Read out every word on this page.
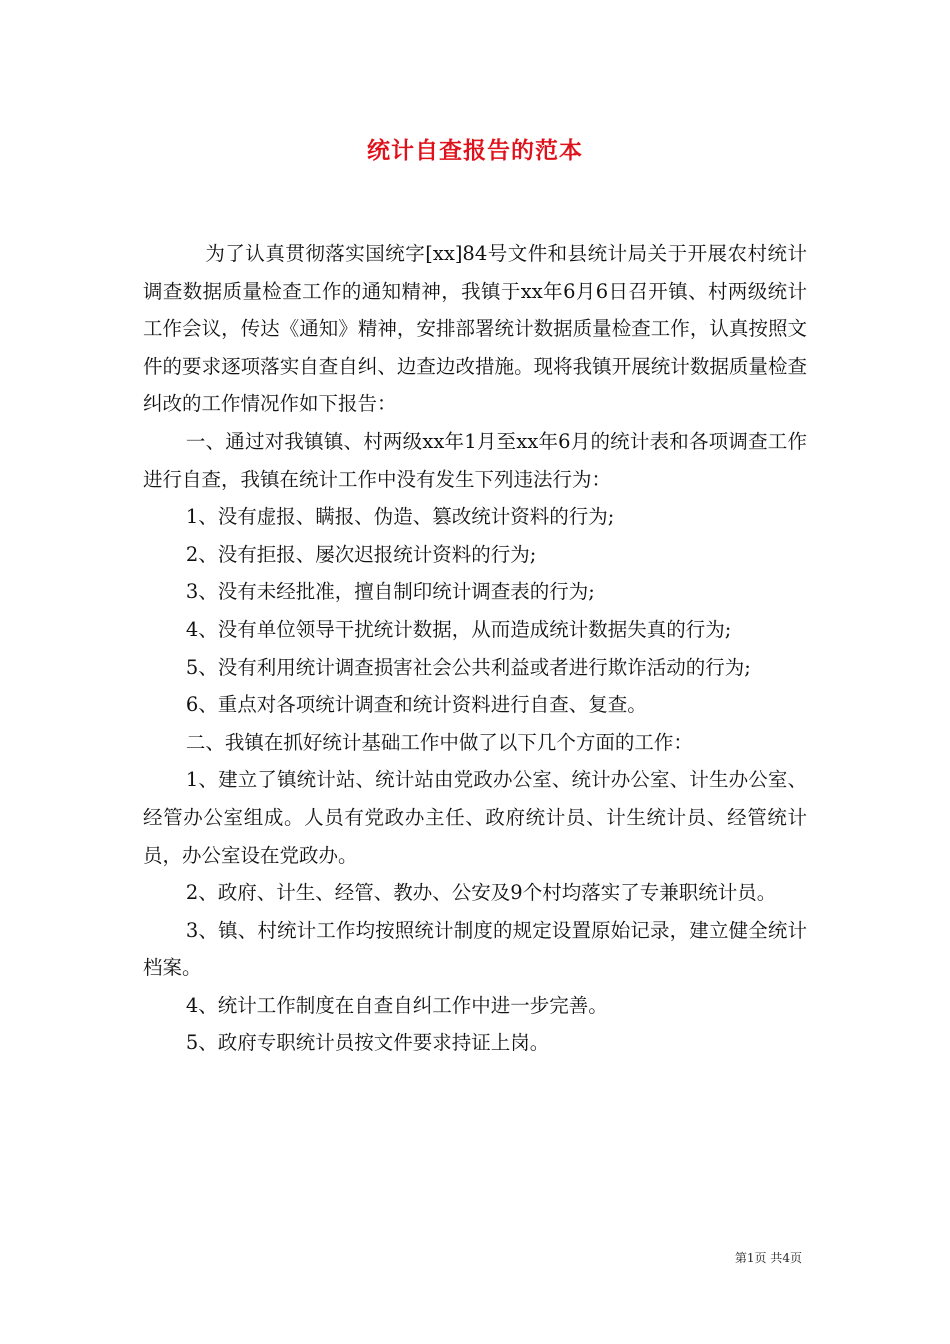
统计自查报告的范本

为了认真贯彻落实国统字[xx]84号文件和县统计局关于开展农村统计调查数据质量检查工作的通知精神，我镇于xx年6月6日召开镇、村两级统计工作会议，传达《通知》精神，安排部署统计数据质量检查工作，认真按照文件的要求逐项落实自查自纠、边查边改措施。现将我镇开展统计数据质量检查纠改的工作情况作如下报告：

一、通过对我镇镇、村两级xx年1月至xx年6月的统计表和各项调查工作进行自查，我镇在统计工作中没有发生下列违法行为：

1、没有虚报、瞒报、伪造、篡改统计资料的行为;

2、没有拒报、屡次迟报统计资料的行为;

3、没有未经批准，擅自制印统计调查表的行为;

4、没有单位领导干扰统计数据，从而造成统计数据失真的行为;

5、没有利用统计调查损害社会公共利益或者进行欺诈活动的行为;

6、重点对各项统计调查和统计资料进行自查、复查。

二、我镇在抓好统计基础工作中做了以下几个方面的工作：

1、建立了镇统计站、统计站由党政办公室、统计办公室、计生办公室、经管办公室组成。人员有党政办主任、政府统计员、计生统计员、经管统计员，办公室设在党政办。

2、政府、计生、经管、教办、公安及9个村均落实了专兼职统计员。

3、镇、村统计工作均按照统计制度的规定设置原始记录，建立健全统计档案。

4、统计工作制度在自查自纠工作中进一步完善。

5、政府专职统计员按文件要求持证上岗。

第1页 共4页
